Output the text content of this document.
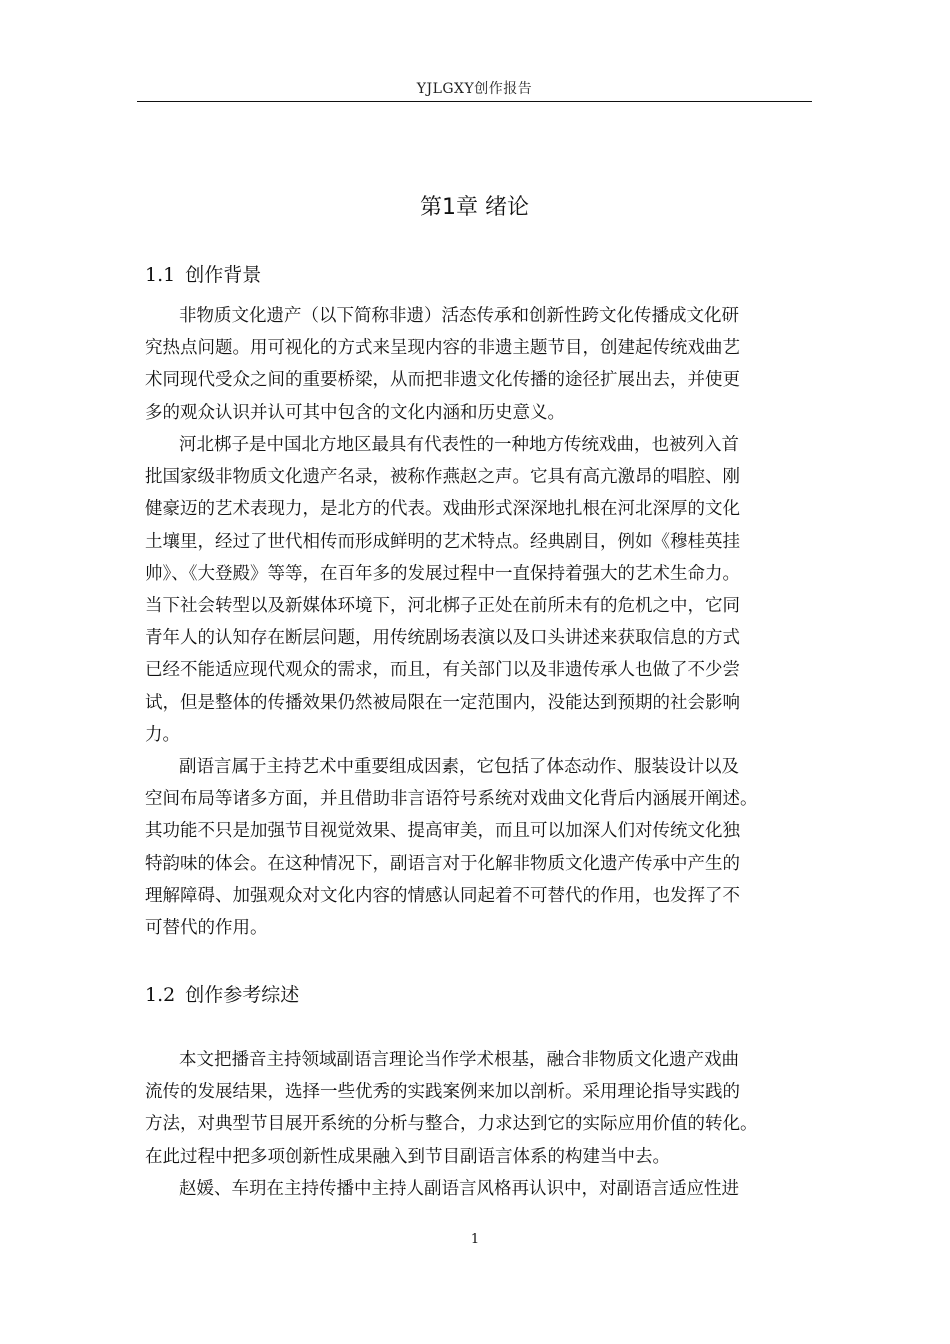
YJLGXY创作报告
第1章 绪论
1.1 创作背景
非物质文化遗产（以下简称非遗）活态传承和创新性跨文化传播成文化研
究热点问题。用可视化的方式来呈现内容的非遗主题节目，创建起传统戏曲艺
术同现代受众之间的重要桥梁，从而把非遗文化传播的途径扩展出去，并使更
多的观众认识并认可其中包含的文化内涵和历史意义。
河北梆子是中国北方地区最具有代表性的一种地方传统戏曲，也被列入首
批国家级非物质文化遗产名录，被称作燕赵之声。它具有高亢激昂的唱腔、刚
健豪迈的艺术表现力，是北方的代表。戏曲形式深深地扎根在河北深厚的文化
土壤里，经过了世代相传而形成鲜明的艺术特点。经典剧目，例如《穆桂英挂
帅》、《大登殿》等等，在百年多的发展过程中一直保持着强大的艺术生命力。
当下社会转型以及新媒体环境下，河北梆子正处在前所未有的危机之中，它同
青年人的认知存在断层问题，用传统剧场表演以及口头讲述来获取信息的方式
已经不能适应现代观众的需求，而且，有关部门以及非遗传承人也做了不少尝
试，但是整体的传播效果仍然被局限在一定范围内，没能达到预期的社会影响
力。
副语言属于主持艺术中重要组成因素，它包括了体态动作、服装设计以及
空间布局等诸多方面，并且借助非言语符号系统对戏曲文化背后内涵展开阐述。
其功能不只是加强节目视觉效果、提高审美，而且可以加深人们对传统文化独
特韵味的体会。在这种情况下，副语言对于化解非物质文化遗产传承中产生的
理解障碍、加强观众对文化内容的情感认同起着不可替代的作用，也发挥了不
可替代的作用。
1.2 创作参考综述
本文把播音主持领域副语言理论当作学术根基，融合非物质文化遗产戏曲
流传的发展结果，选择一些优秀的实践案例来加以剖析。采用理论指导实践的
方法，对典型节目展开系统的分析与整合，力求达到它的实际应用价值的转化。
在此过程中把多项创新性成果融入到节目副语言体系的构建当中去。
赵媛、车玥在主持传播中主持人副语言风格再认识中，对副语言适应性进
1
